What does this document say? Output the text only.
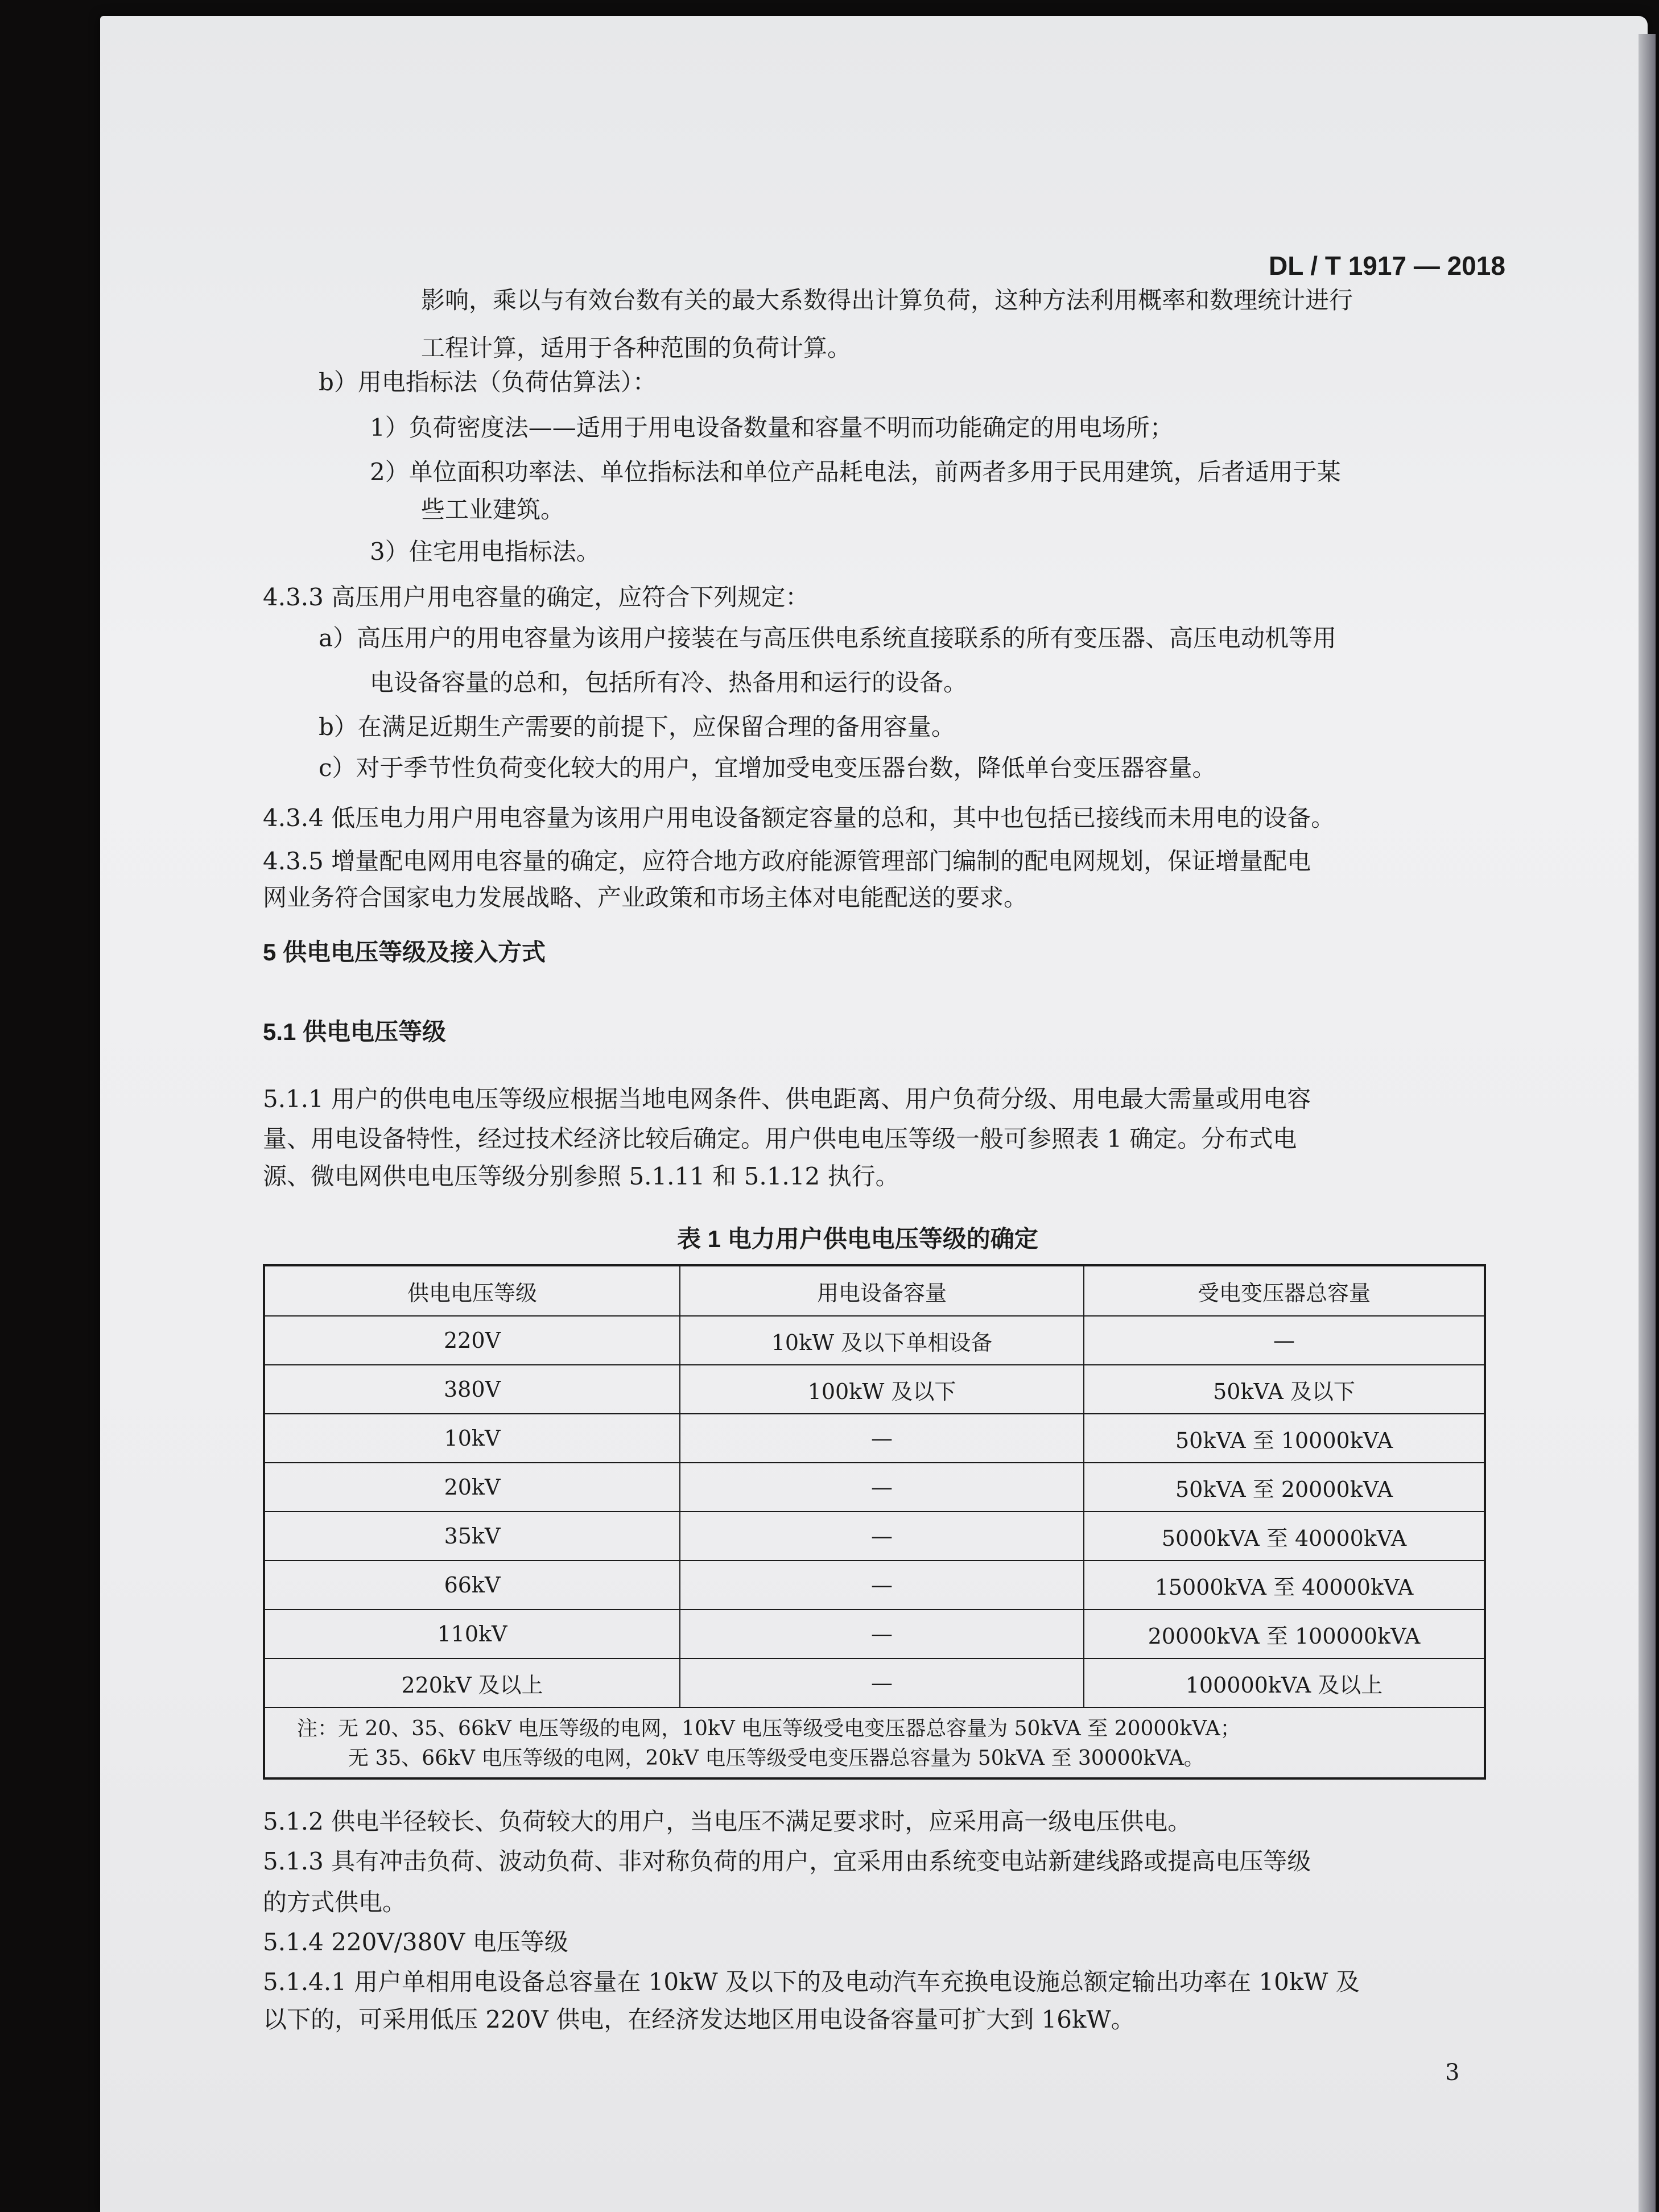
DL / T 1917 — 2018
影响，乘以与有效台数有关的最大系数得出计算负荷，这种方法利用概率和数理统计进行
工程计算，适用于各种范围的负荷计算。
b）用电指标法（负荷估算法）：
1）负荷密度法——适用于用电设备数量和容量不明而功能确定的用电场所；
2）单位面积功率法、单位指标法和单位产品耗电法，前两者多用于民用建筑，后者适用于某
些工业建筑。
3）住宅用电指标法。
4.3.3 高压用户用电容量的确定，应符合下列规定：
a）高压用户的用电容量为该用户接装在与高压供电系统直接联系的所有变压器、高压电动机等用
电设备容量的总和，包括所有冷、热备用和运行的设备。
b）在满足近期生产需要的前提下，应保留合理的备用容量。
c）对于季节性负荷变化较大的用户，宜增加受电变压器台数，降低单台变压器容量。
4.3.4 低压电力用户用电容量为该用户用电设备额定容量的总和，其中也包括已接线而未用电的设备。
4.3.5 增量配电网用电容量的确定，应符合地方政府能源管理部门编制的配电网规划，保证增量配电
网业务符合国家电力发展战略、产业政策和市场主体对电能配送的要求。
5 供电电压等级及接入方式
5.1 供电电压等级
5.1.1 用户的供电电压等级应根据当地电网条件、供电距离、用户负荷分级、用电最大需量或用电容
量、用电设备特性，经过技术经济比较后确定。用户供电电压等级一般可参照表 1 确定。分布式电
源、微电网供电电压等级分别参照 5.1.11 和 5.1.12 执行。
表 1 电力用户供电电压等级的确定
供电电压等级	用电设备容量	受电变压器总容量
220V	10kW 及以下单相设备	—
380V	100kW 及以下	50kVA 及以下
10kV	—	50kVA 至 10000kVA
20kV	—	50kVA 至 20000kVA
35kV	—	5000kVA 至 40000kVA
66kV	—	15000kVA 至 40000kVA
110kV	—	20000kVA 至 100000kVA
220kV 及以上	—	100000kVA 及以上
注：无 20、35、66kV 电压等级的电网，10kV 电压等级受电变压器总容量为 50kVA 至 20000kVA；
无 35、66kV 电压等级的电网，20kV 电压等级受电变压器总容量为 50kVA 至 30000kVA。
5.1.2 供电半径较长、负荷较大的用户，当电压不满足要求时，应采用高一级电压供电。
5.1.3 具有冲击负荷、波动负荷、非对称负荷的用户，宜采用由系统变电站新建线路或提高电压等级
的方式供电。
5.1.4 220V/380V 电压等级
5.1.4.1 用户单相用电设备总容量在 10kW 及以下的及电动汽车充换电设施总额定输出功率在 10kW 及
以下的，可采用低压 220V 供电，在经济发达地区用电设备容量可扩大到 16kW。
3
